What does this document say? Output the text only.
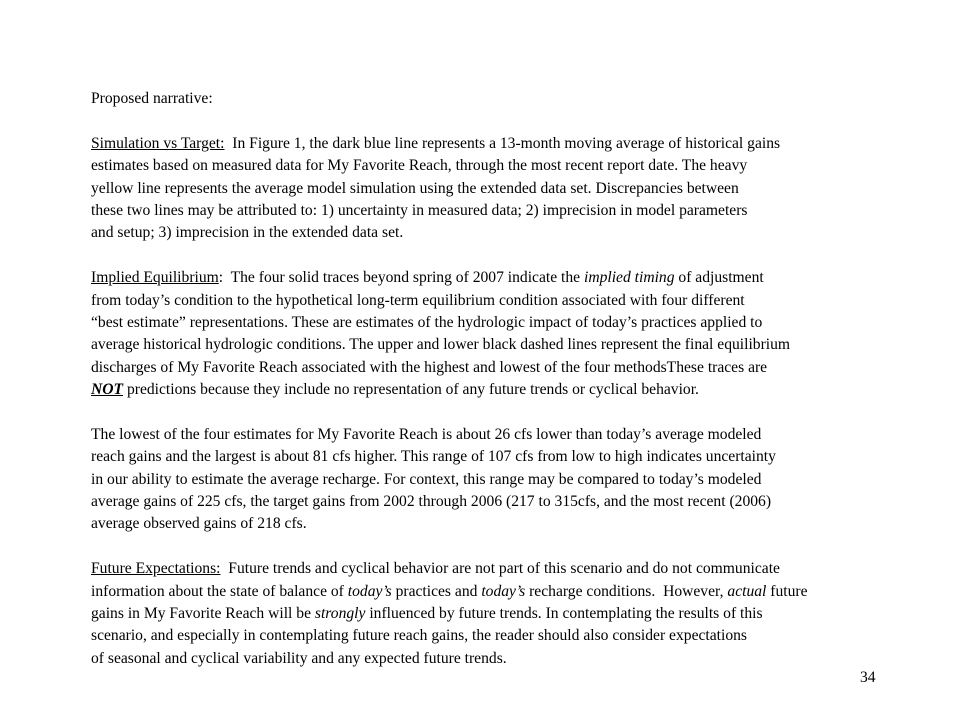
Proposed narrative:
Simulation vs Target:  In Figure 1, the dark blue line represents a 13-month moving average of historical gains
estimates based on measured data for My Favorite Reach, through the most recent report date. The heavy
yellow line represents the average model simulation using the extended data set. Discrepancies between
these two lines may be attributed to: 1) uncertainty in measured data; 2) imprecision in model parameters
and setup; 3) imprecision in the extended data set.
Implied Equilibrium:  The four solid traces beyond spring of 2007 indicate the implied timing of adjustment
from today’s condition to the hypothetical long-term equilibrium condition associated with four different
“best estimate” representations. These are estimates of the hydrologic impact of today’s practices applied to
average historical hydrologic conditions. The upper and lower black dashed lines represent the final equilibrium
discharges of My Favorite Reach associated with the highest and lowest of the four methodsThese traces are
NOT predictions because they include no representation of any future trends or cyclical behavior.
The lowest of the four estimates for My Favorite Reach is about 26 cfs lower than today’s average modeled
reach gains and the largest is about 81 cfs higher. This range of 107 cfs from low to high indicates uncertainty
in our ability to estimate the average recharge. For context, this range may be compared to today’s modeled
average gains of 225 cfs, the target gains from 2002 through 2006 (217 to 315cfs, and the most recent (2006)
average observed gains of 218 cfs.
Future Expectations:  Future trends and cyclical behavior are not part of this scenario and do not communicate
information about the state of balance of today’s practices and today’s recharge conditions.  However, actual future
gains in My Favorite Reach will be strongly influenced by future trends. In contemplating the results of this
scenario, and especially in contemplating future reach gains, the reader should also consider expectations
of seasonal and cyclical variability and any expected future trends.
34
